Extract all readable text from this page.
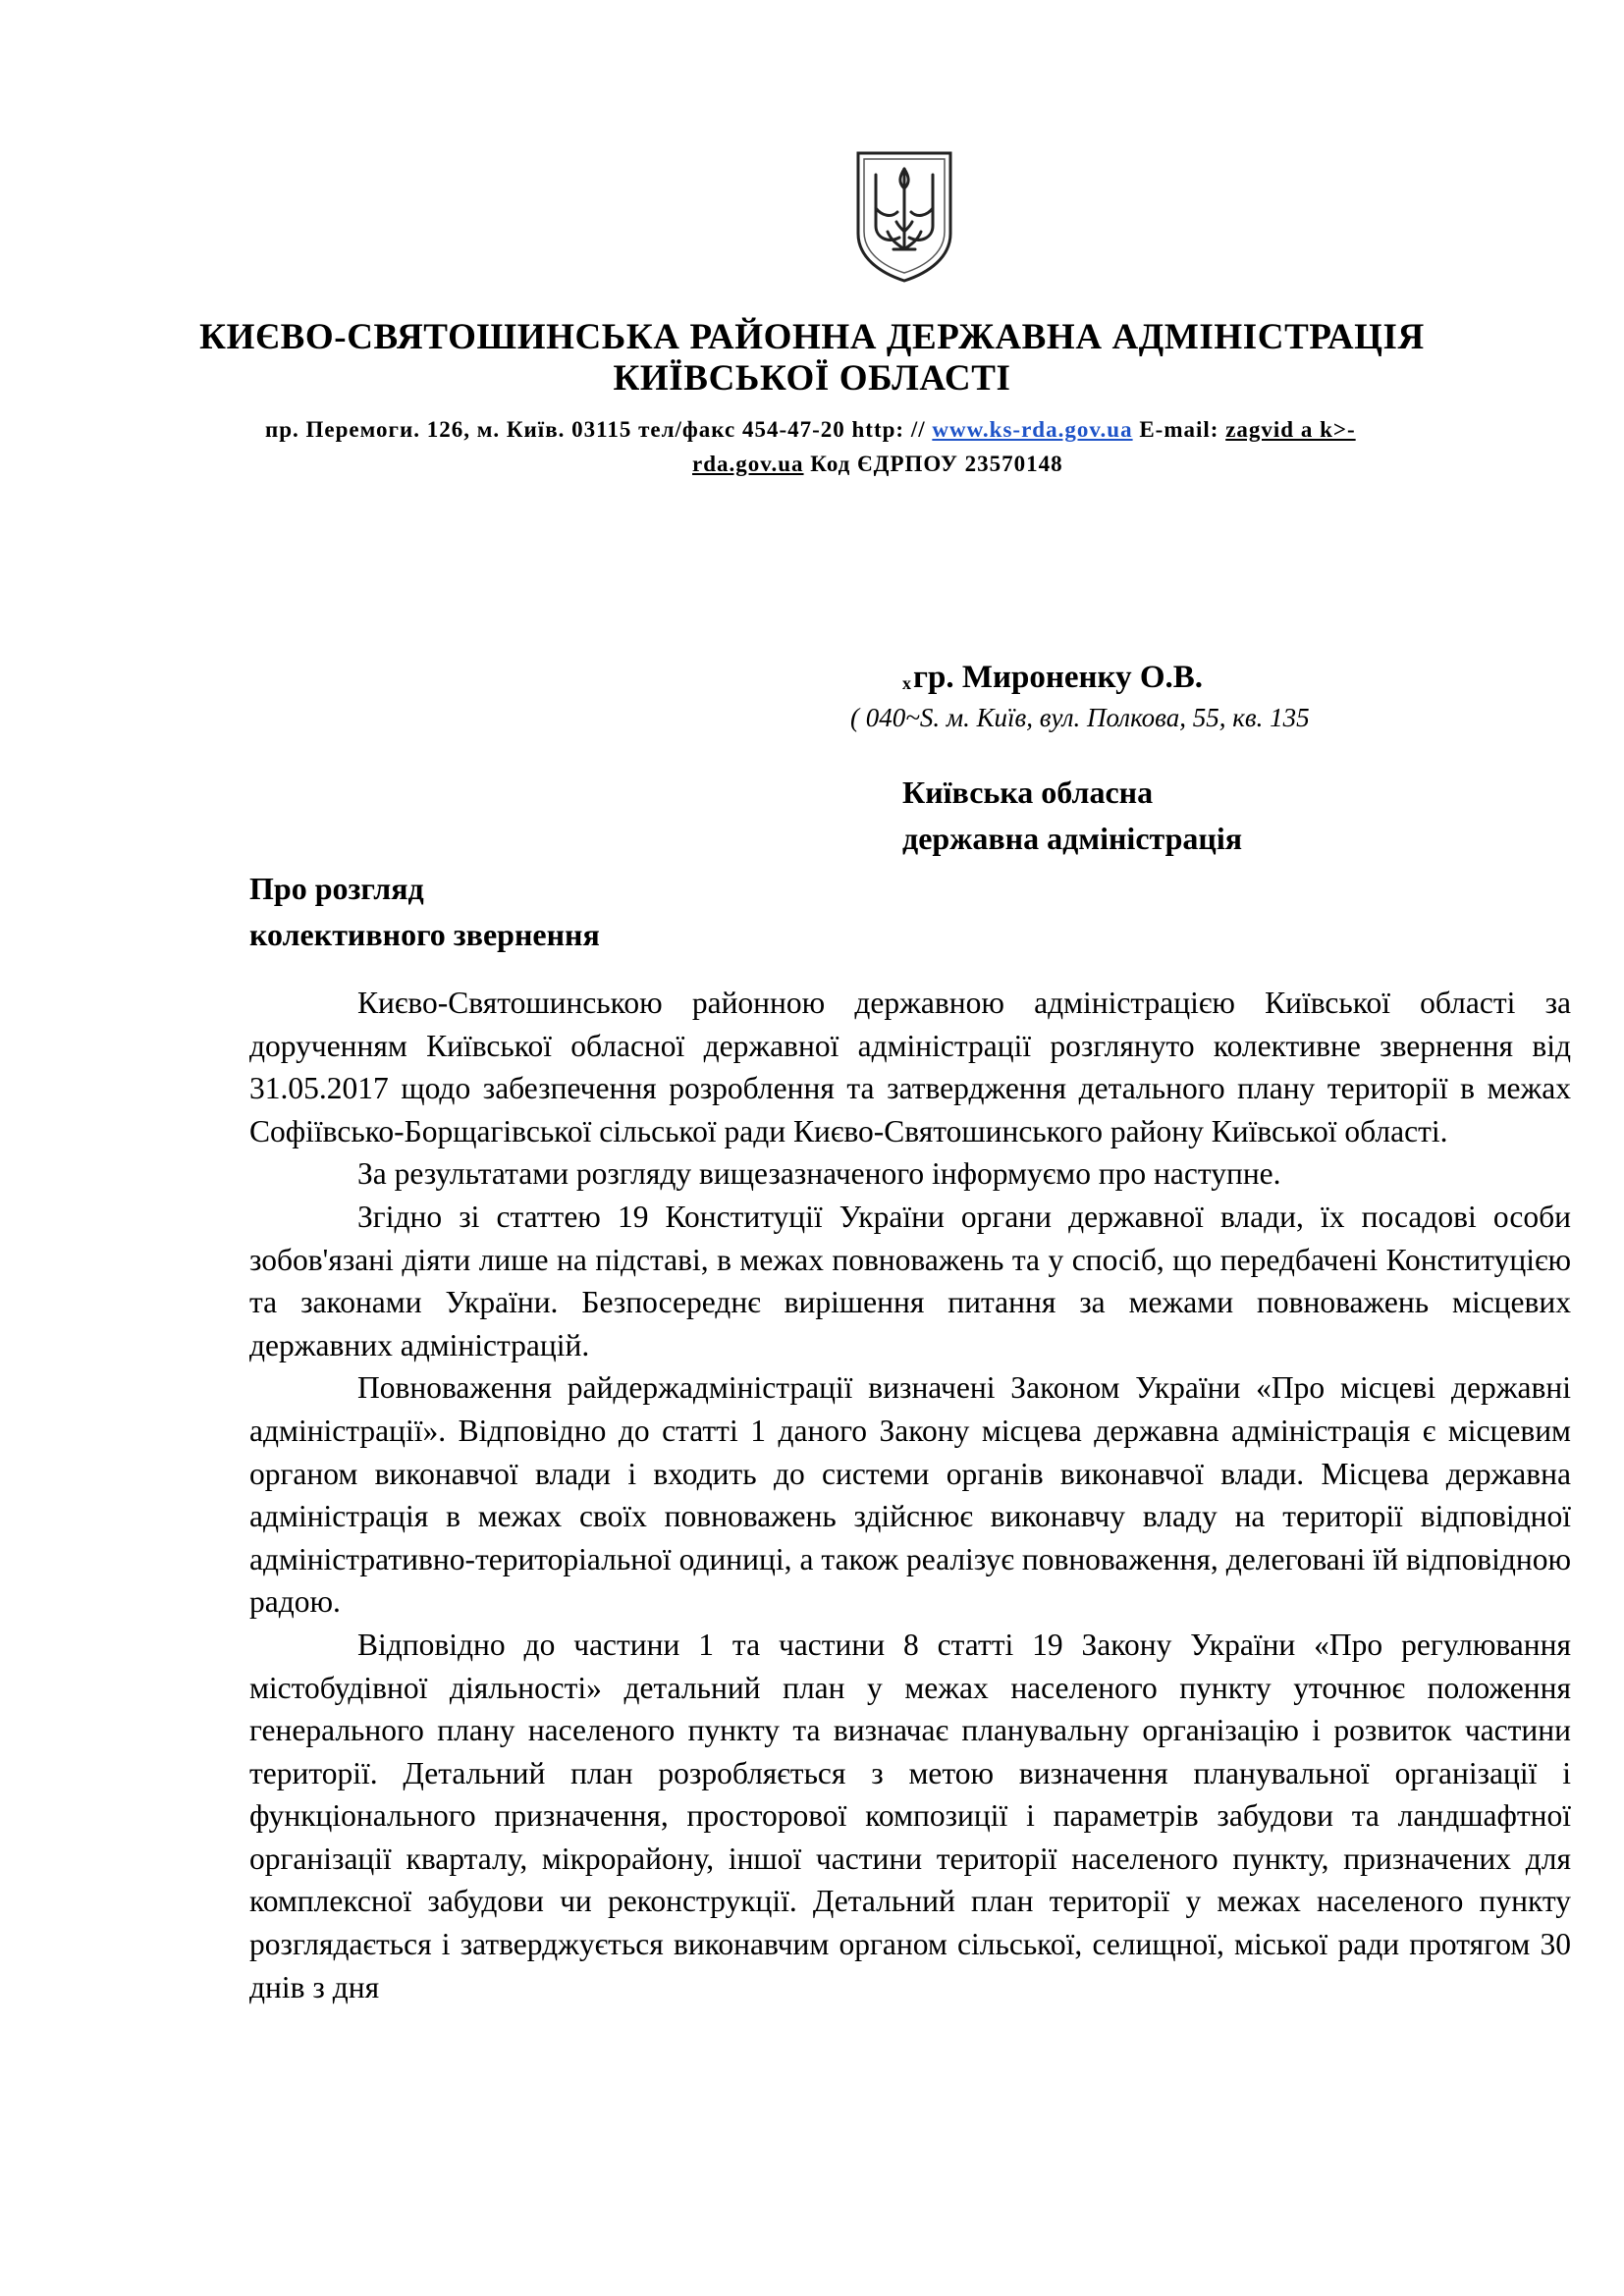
КИЄВО-СВЯТОШИНСЬКА РАЙОННА ДЕРЖАВНА АДМІНІСТРАЦІЯ
КИЇВСЬКОЇ ОБЛАСТІ
пр. Перемоги. 126, м. Київ. 03115 тел/факс 454-47-20 http: // www.ks-rda.gov.ua E-mail: zagvid a k>-
rda.gov.ua Код ЄДРПОУ 23570148
xгр. Мироненку О.В.
( 040~S. м. Київ, вул. Полкова, 55, кв. 135
Київська обласна
державна адміністрація
Про розгляд
колективного звернення

Києво-Святошинською районною державною адміністрацією Київської області за дорученням Київської обласної державної адміністрації розглянуто колективне звернення від 31.05.2017 щодо забезпечення розроблення та затвердження детального плану території в межах Софіївсько-Борщагівської сільської ради Києво-Святошинського району Київської області.

За результатами розгляду вищезазначеного інформуємо про наступне.

Згідно зі статтею 19 Конституції України органи державної влади, їх посадові особи зобов'язані діяти лише на підставі, в межах повноважень та у спосіб, що передбачені Конституцією та законами України. Безпосереднє вирішення питання за межами повноважень місцевих державних адміністрацій.

Повноваження райдержадміністрації визначені Законом України «Про місцеві державні адміністрації». Відповідно до статті 1 даного Закону місцева державна адміністрація є місцевим органом виконавчої влади і входить до системи органів виконавчої влади. Місцева державна адміністрація в межах своїх повноважень здійснює виконавчу владу на території відповідної адміністративно-територіальної одиниці, а також реалізує повноваження, делеговані їй відповідною радою.

Відповідно до частини 1 та частини 8 статті 19 Закону України «Про регулювання містобудівної діяльності» детальний план у межах населеного пункту уточнює положення генерального плану населеного пункту та визначає планувальну організацію і розвиток частини території. Детальний план розробляється з метою визначення планувальної організації і функціонального призначення, просторової композиції і параметрів забудови та ландшафтної організації кварталу, мікрорайону, іншої частини території населеного пункту, призначених для комплексної забудови чи реконструкції. Детальний план території у межах населеного пункту розглядається і затверджується виконавчим органом сільської, селищної, міської ради протягом 30 днів з дня
